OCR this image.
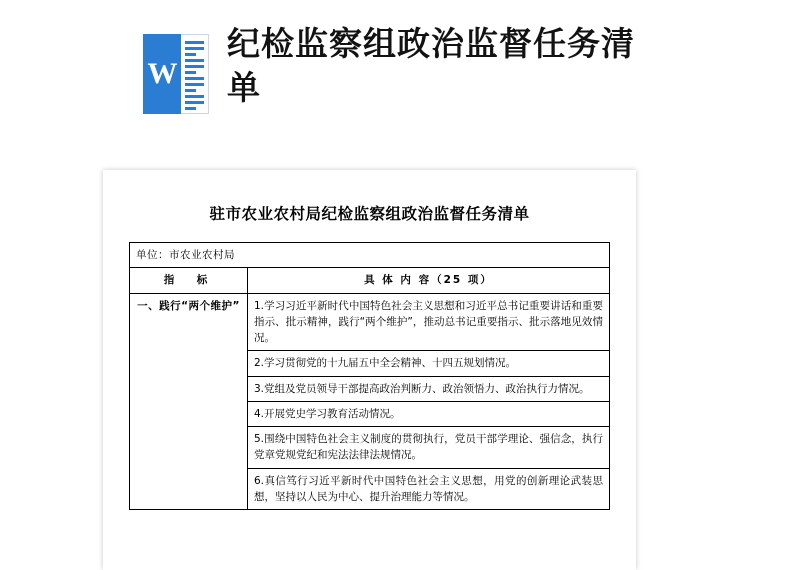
W
纪检监察组政治监督任务清单
驻市农业农村局纪检监察组政治监督任务清单
单位：市农业农村局	
指　标	具 体 内 容（25 项）
一、践行“两个维护”	1.学习习近平新时代中国特色社会主义思想和习近平总书记重要讲话和重要指示、批示精神，践行“两个维护”，推动总书记重要指示、批示落地见效情况。
	2.学习贯彻党的十九届五中全会精神、十四五规划情况。
	3.党组及党员领导干部提高政治判断力、政治领悟力、政治执行力情况。
	4.开展党史学习教育活动情况。
	5.围绕中国特色社会主义制度的贯彻执行，党员干部学理论、强信念，执行党章党规党纪和宪法法律法规情况。
	6.真信笃行习近平新时代中国特色社会主义思想，用党的创新理论武装思想，坚持以人民为中心、提升治理能力等情况。
